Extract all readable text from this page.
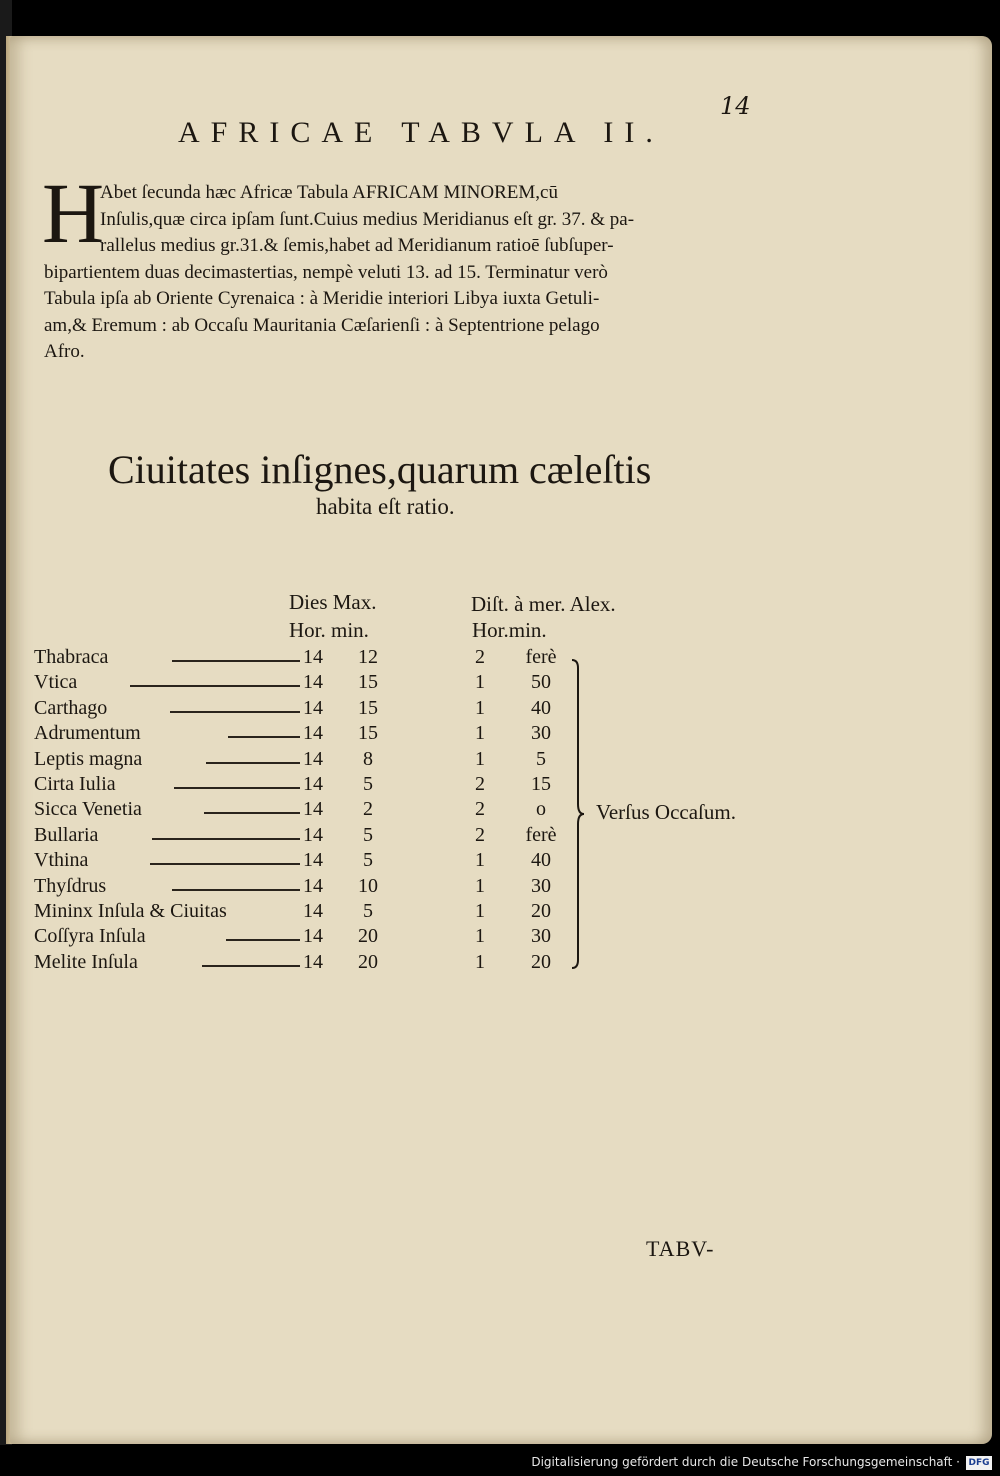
14
AFRICAE TABVLA II.
H
Abet ſecunda hæc Africæ Tabula AFRICAM MINOREM,cū
Inſulis,quæ circa ipſam ſunt.Cuius medius Meridianus eſt gr. 37. & pa-
rallelus medius gr.31.& ſemis,habet ad Meridianum ratioē ſubſuper-
bipartientem duas decimastertias, nempè veluti 13. ad 15. Terminatur verò
Tabula ipſa ab Oriente Cyrenaica : à Meridie interiori Libya iuxta Getuli-
am,& Eremum : ab Occaſu Mauritania Cæſarienſi : à Septentrione pelago
Afro.
Ciuitates inſignes,quarum cæleſtis
habita eſt ratio.
Dies Max.
Hor. min.
Diſt. à mer. Alex.
Hor.min.
Thabraca	14	12	2	ferè
Vtica	14	15	1	50
Carthago	14	15	1	40
Adrumentum	14	15	1	30
Leptis magna	14	8	1	5
Cirta Iulia	14	5	2	15
Sicca Venetia	14	2	2	o
Bullaria	14	5	2	ferè
Vthina	14	5	1	40
Thyſdrus	14	10	1	30
Mininx Inſula & Ciuitas	14	5	1	20
Coſſyra Inſula	14	20	1	30
Melite Inſula	14	20	1	20
Verſus Occaſum.
TABV-
Digitalisierung gefördert durch die Deutsche Forschungsgemeinschaft · DFG
